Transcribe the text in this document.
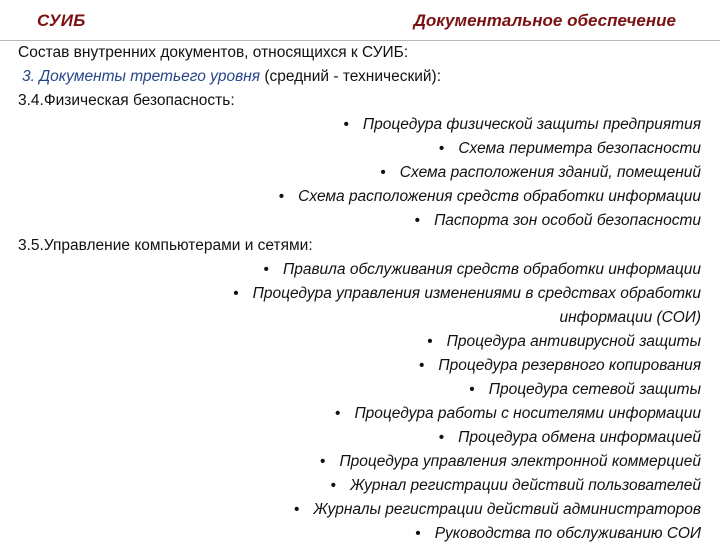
СУИБ	Документальное обеспечение
Состав внутренних документов, относящихся к СУИБ:
3. Документы третьего уровня (средний - технический):
3.4.Физическая безопасность:
• Процедура физической защиты предприятия
• Схема периметра безопасности
• Схема расположения зданий, помещений
• Схема расположения средств обработки информации
• Паспорта зон особой безопасности
3.5.Управление компьютерами и сетями:
• Правила обслуживания средств обработки информации
• Процедура управления изменениями в средствах обработки
информации (СОИ)
• Процедура антивирусной защиты
• Процедура резервного копирования
• Процедура сетевой защиты
• Процедура работы с носителями информации
• Процедура обмена информацией
• Процедура управления электронной коммерцией
• Журнал регистрации действий пользователей
• Журналы регистрации действий администраторов
• Руководства по обслуживанию СОИ
